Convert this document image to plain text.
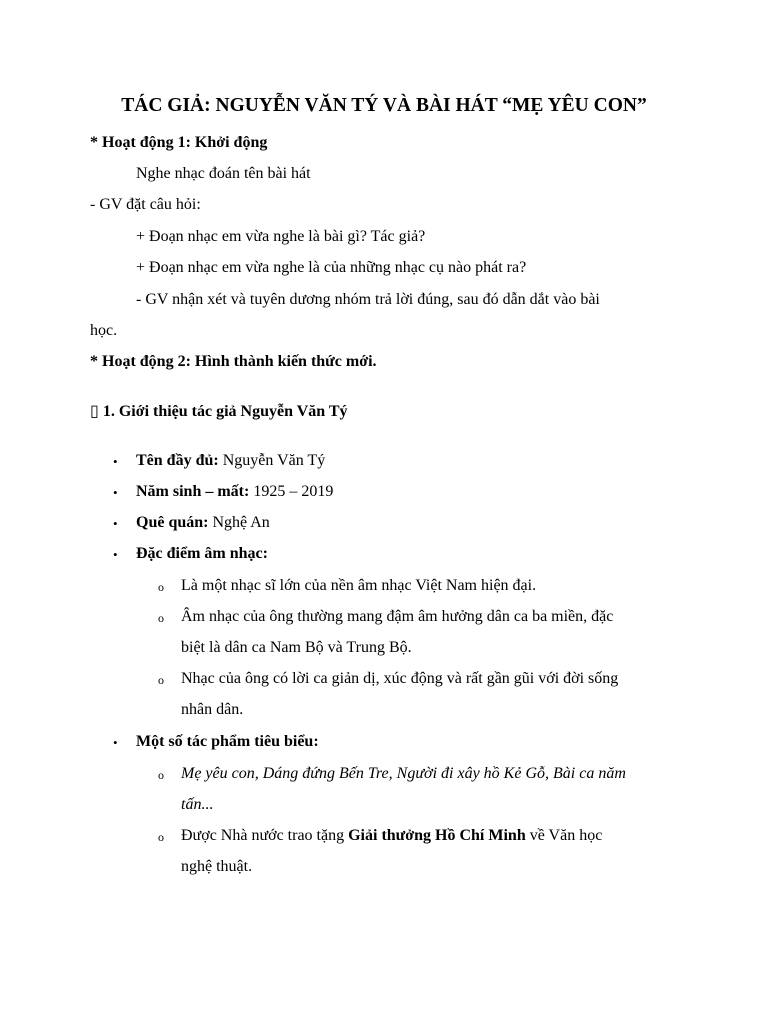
TÁC GIẢ: NGUYỄN VĂN TÝ VÀ BÀI HÁT “MẸ YÊU CON”
* Hoạt động 1: Khởi động
Nghe nhạc đoán tên bài hát
- GV đặt câu hỏi:
+ Đoạn nhạc em vừa nghe là bài gì? Tác giả?
+ Đoạn nhạc em vừa nghe là của những nhạc cụ nào phát ra?
- GV nhận xét và tuyên dương nhóm trả lời đúng, sau đó dẫn dắt vào bài
học.
* Hoạt động 2: Hình thành kiến thức mới.
▯ 1. Giới thiệu tác giả Nguyễn Văn Tý
• Tên đầy đủ: Nguyễn Văn Tý
• Năm sinh – mất: 1925 – 2019
• Quê quán: Nghệ An
• Đặc điểm âm nhạc:
o Là một nhạc sĩ lớn của nền âm nhạc Việt Nam hiện đại.
o Âm nhạc của ông thường mang đậm âm hưởng dân ca ba miền, đặc
biệt là dân ca Nam Bộ và Trung Bộ.
o Nhạc của ông có lời ca giản dị, xúc động và rất gần gũi với đời sống
nhân dân.
• Một số tác phẩm tiêu biểu:
o Mẹ yêu con, Dáng đứng Bến Tre, Người đi xây hồ Kẻ Gỗ, Bài ca năm
tấn...
o Được Nhà nước trao tặng Giải thưởng Hồ Chí Minh về Văn học
nghệ thuật.
